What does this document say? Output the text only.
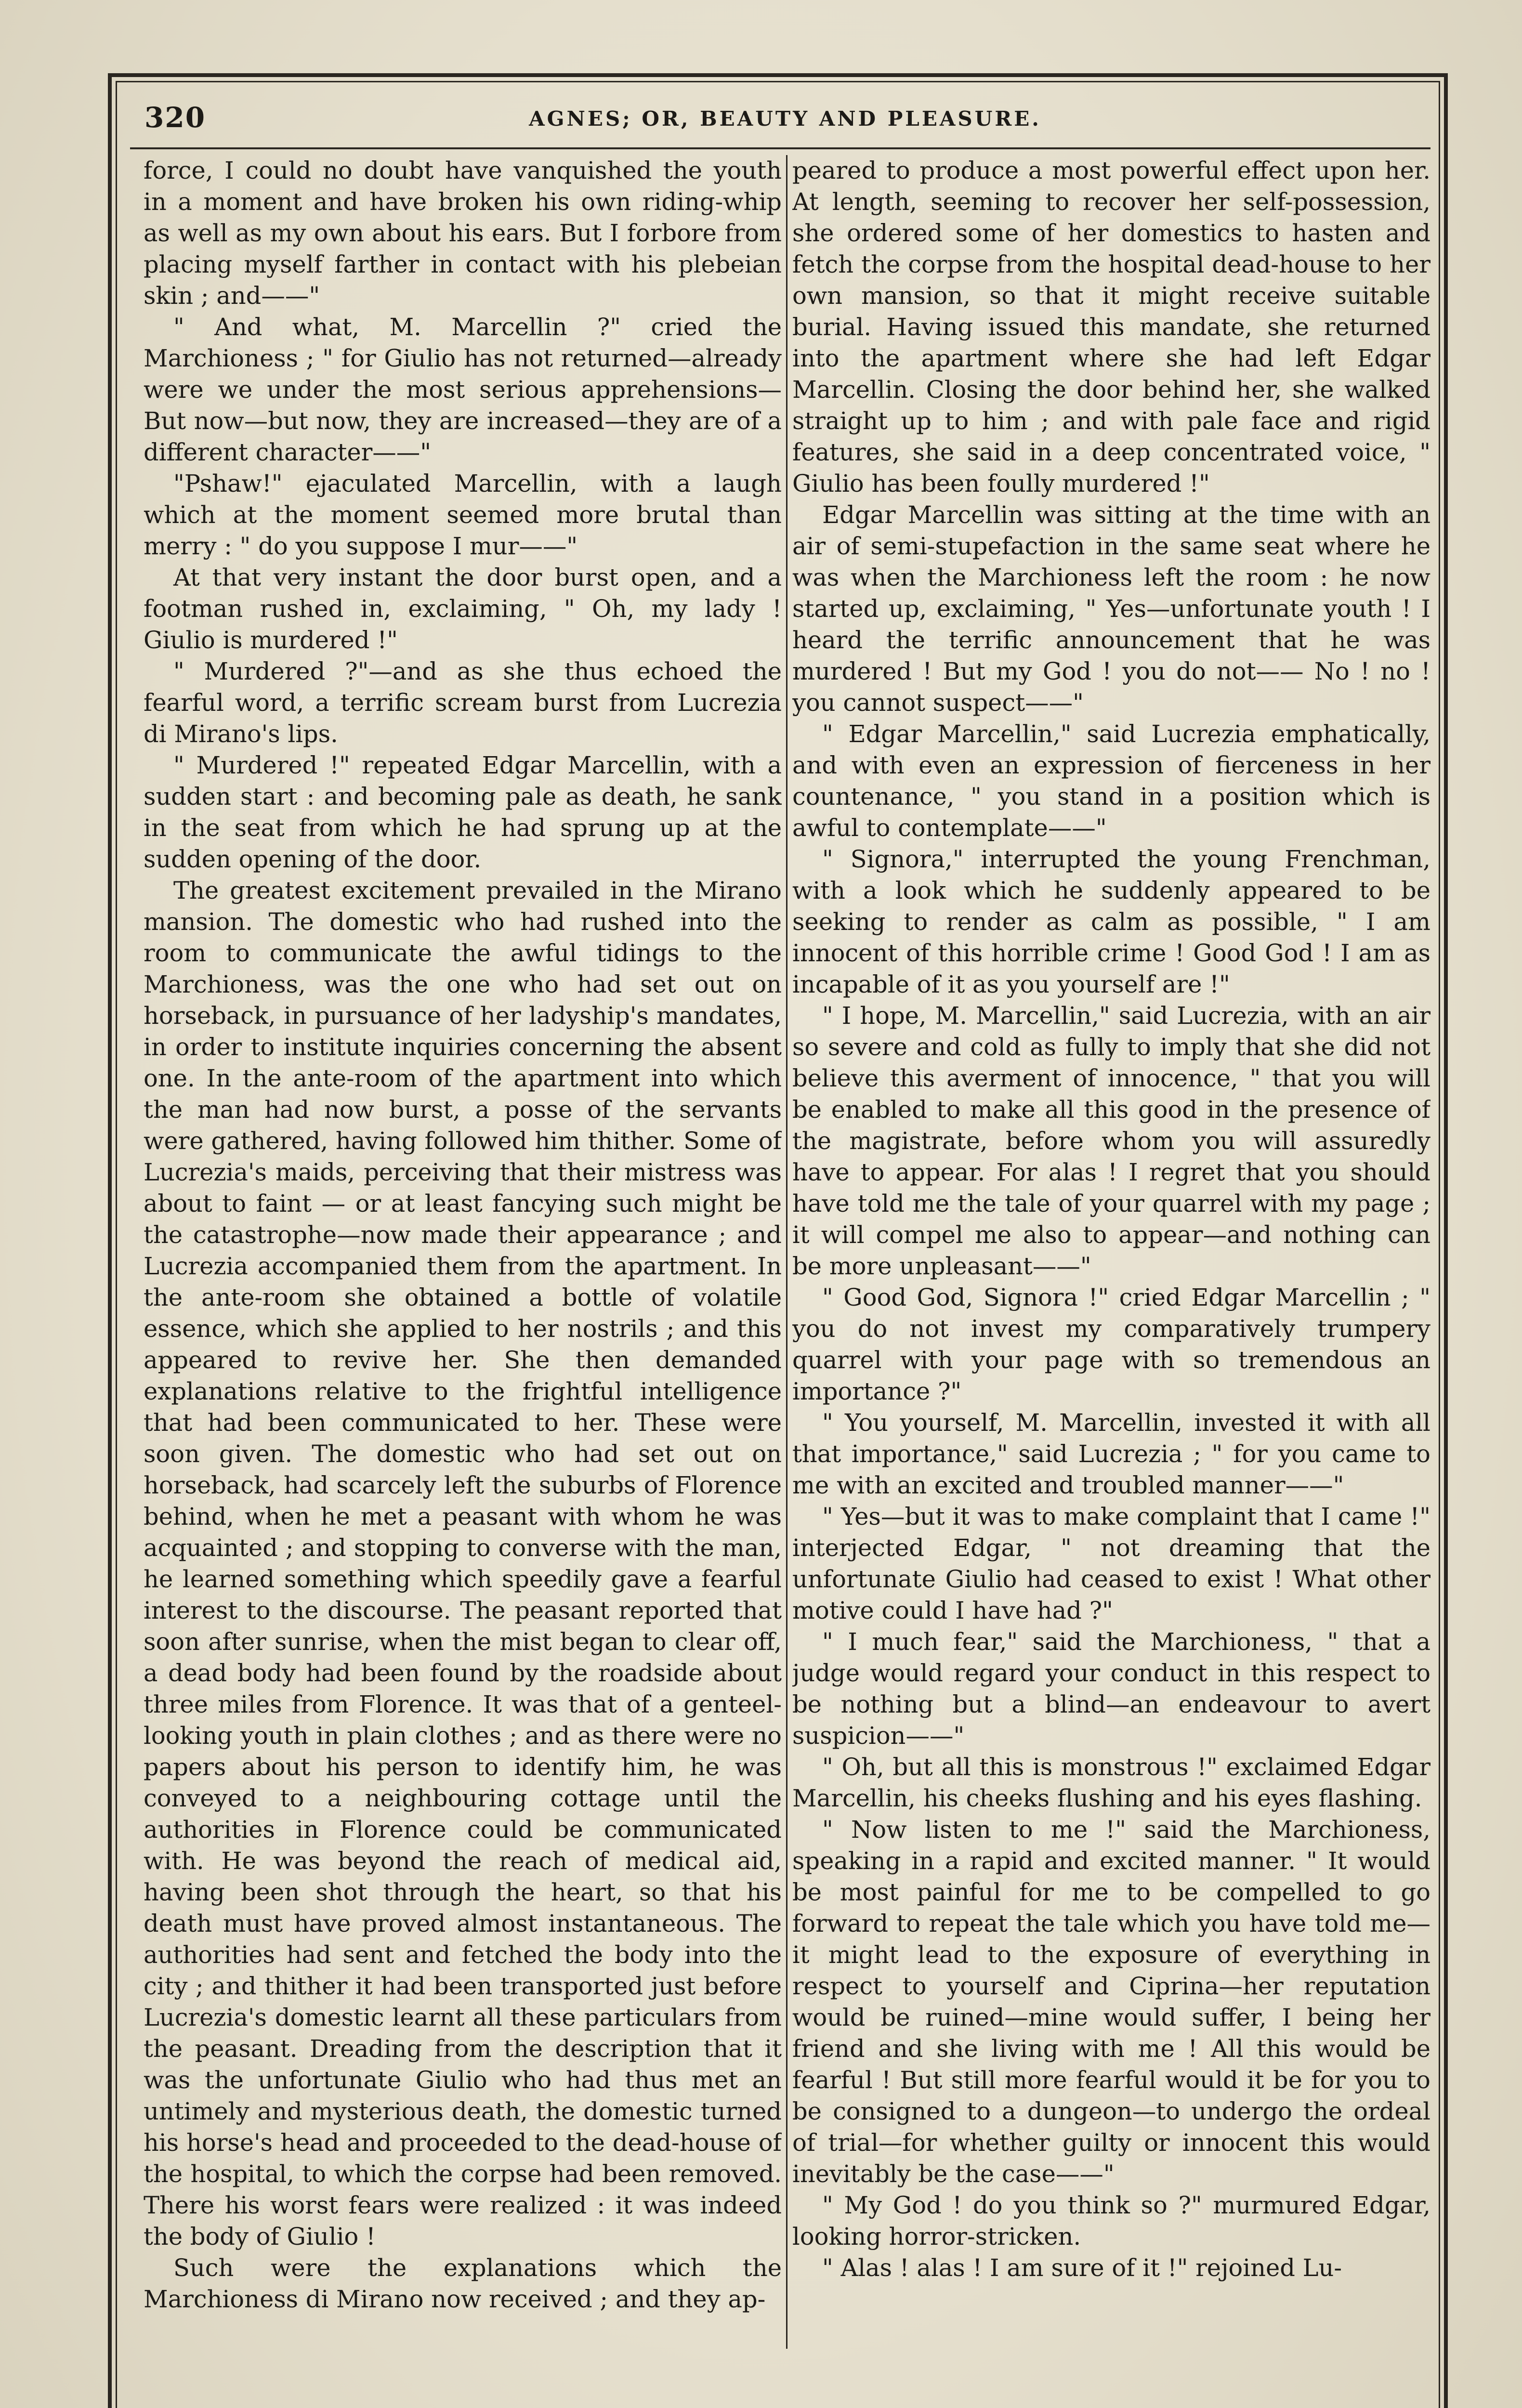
320	AGNES; OR, BEAUTY AND PLEASURE.

force, I could no doubt have vanquished the youth in a moment and have broken his own riding-whip as well as my own about his ears. But I forbore from placing myself farther in contact with his plebeian skin ; and——"

" And what, M. Marcellin ?" cried the Marchioness ; " for Giulio has not returned—already were we under the most serious apprehensions—But now—but now, they are increased—they are of a different character——"

"Pshaw!" ejaculated Marcellin, with a laugh which at the moment seemed more brutal than merry : " do you suppose I mur——"

At that very instant the door burst open, and a footman rushed in, exclaiming, " Oh, my lady ! Giulio is murdered !"

" Murdered ?"—and as she thus echoed the fearful word, a terrific scream burst from Lucrezia di Mirano's lips.

" Murdered !" repeated Edgar Marcellin, with a sudden start : and becoming pale as death, he sank in the seat from which he had sprung up at the sudden opening of the door.

The greatest excitement prevailed in the Mirano mansion. The domestic who had rushed into the room to communicate the awful tidings to the Marchioness, was the one who had set out on horseback, in pursuance of her ladyship's mandates, in order to institute inquiries concerning the absent one. In the ante-room of the apartment into which the man had now burst, a posse of the servants were gathered, having followed him thither. Some of Lucrezia's maids, perceiving that their mistress was about to faint — or at least fancying such might be the catastrophe—now made their appearance ; and Lucrezia accompanied them from the apartment. In the ante-room she obtained a bottle of volatile essence, which she applied to her nostrils ; and this appeared to revive her. She then demanded explanations relative to the frightful intelligence that had been communicated to her. These were soon given. The domestic who had set out on horseback, had scarcely left the suburbs of Florence behind, when he met a peasant with whom he was acquainted ; and stopping to converse with the man, he learned something which speedily gave a fearful interest to the discourse. The peasant reported that soon after sunrise, when the mist began to clear off, a dead body had been found by the roadside about three miles from Florence. It was that of a genteel-looking youth in plain clothes ; and as there were no papers about his person to identify him, he was conveyed to a neighbouring cottage until the authorities in Florence could be communicated with. He was beyond the reach of medical aid, having been shot through the heart, so that his death must have proved almost instantaneous. The authorities had sent and fetched the body into the city ; and thither it had been transported just before Lucrezia's domestic learnt all these particulars from the peasant. Dreading from the description that it was the unfortunate Giulio who had thus met an untimely and mysterious death, the domestic turned his horse's head and proceeded to the dead-house of the hospital, to which the corpse had been removed. There his worst fears were realized : it was indeed the body of Giulio !

Such were the explanations which the Marchioness di Mirano now received ; and they ap-

peared to produce a most powerful effect upon her. At length, seeming to recover her self-possession, she ordered some of her domestics to hasten and fetch the corpse from the hospital dead-house to her own mansion, so that it might receive suitable burial. Having issued this mandate, she returned into the apartment where she had left Edgar Marcellin. Closing the door behind her, she walked straight up to him ; and with pale face and rigid features, she said in a deep concentrated voice, " Giulio has been foully murdered !"

Edgar Marcellin was sitting at the time with an air of semi-stupefaction in the same seat where he was when the Marchioness left the room : he now started up, exclaiming, " Yes—unfortunate youth ! I heard the terrific announcement that he was murdered ! But my God ! you do not—— No ! no ! you cannot suspect——"

" Edgar Marcellin," said Lucrezia emphatically, and with even an expression of fierceness in her countenance, " you stand in a position which is awful to contemplate——"

" Signora," interrupted the young Frenchman, with a look which he suddenly appeared to be seeking to render as calm as possible, " I am innocent of this horrible crime ! Good God ! I am as incapable of it as you yourself are !"

" I hope, M. Marcellin," said Lucrezia, with an air so severe and cold as fully to imply that she did not believe this averment of innocence, " that you will be enabled to make all this good in the presence of the magistrate, before whom you will assuredly have to appear. For alas ! I regret that you should have told me the tale of your quarrel with my page ; it will compel me also to appear—and nothing can be more unpleasant——"

" Good God, Signora !" cried Edgar Marcellin ; " you do not invest my comparatively trumpery quarrel with your page with so tremendous an importance ?"

" You yourself, M. Marcellin, invested it with all that importance," said Lucrezia ; " for you came to me with an excited and troubled manner——"

" Yes—but it was to make complaint that I came !" interjected Edgar, " not dreaming that the unfortunate Giulio had ceased to exist ! What other motive could I have had ?"

" I much fear," said the Marchioness, " that a judge would regard your conduct in this respect to be nothing but a blind—an endeavour to avert suspicion——"

" Oh, but all this is monstrous !" exclaimed Edgar Marcellin, his cheeks flushing and his eyes flashing.

" Now listen to me !" said the Marchioness, speaking in a rapid and excited manner. " It would be most painful for me to be compelled to go forward to repeat the tale which you have told me—it might lead to the exposure of everything in respect to yourself and Ciprina—her reputation would be ruined—mine would suffer, I being her friend and she living with me ! All this would be fearful ! But still more fearful would it be for you to be consigned to a dungeon—to undergo the ordeal of trial—for whether guilty or innocent this would inevitably be the case——"

" My God ! do you think so ?" murmured Edgar, looking horror-stricken.

" Alas ! alas ! I am sure of it !" rejoined Lu-
